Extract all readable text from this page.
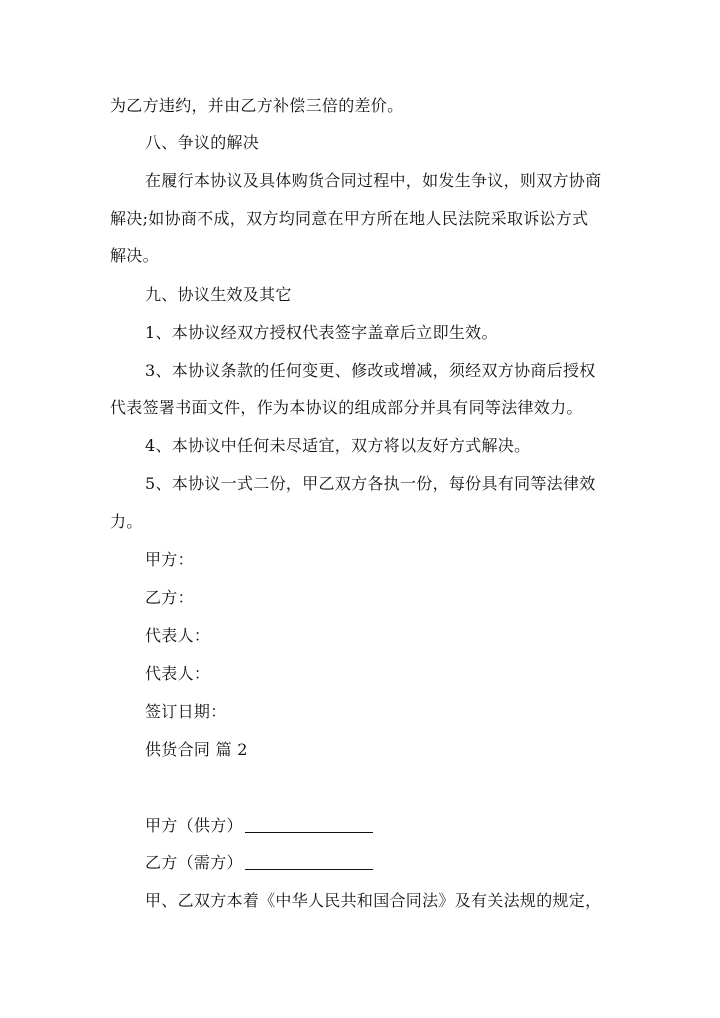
为乙方违约，并由乙方补偿三倍的差价。
八、争议的解决
在履行本协议及具体购货合同过程中，如发生争议，则双方协商
解决;如协商不成，双方均同意在甲方所在地人民法院采取诉讼方式
解决。
九、协议生效及其它
1、本协议经双方授权代表签字盖章后立即生效。
3、本协议条款的任何变更、修改或增减，须经双方协商后授权
代表签署书面文件，作为本协议的组成部分并具有同等法律效力。
4、本协议中任何未尽适宜，双方将以友好方式解决。
5、本协议一式二份，甲乙双方各执一份，每份具有同等法律效
力。
甲方：
乙方：
代表人：
代表人：
签订日期：
供货合同 篇 2
甲方（供方）
乙方（需方）
甲、乙双方本着《中华人民共和国合同法》及有关法规的规定，
